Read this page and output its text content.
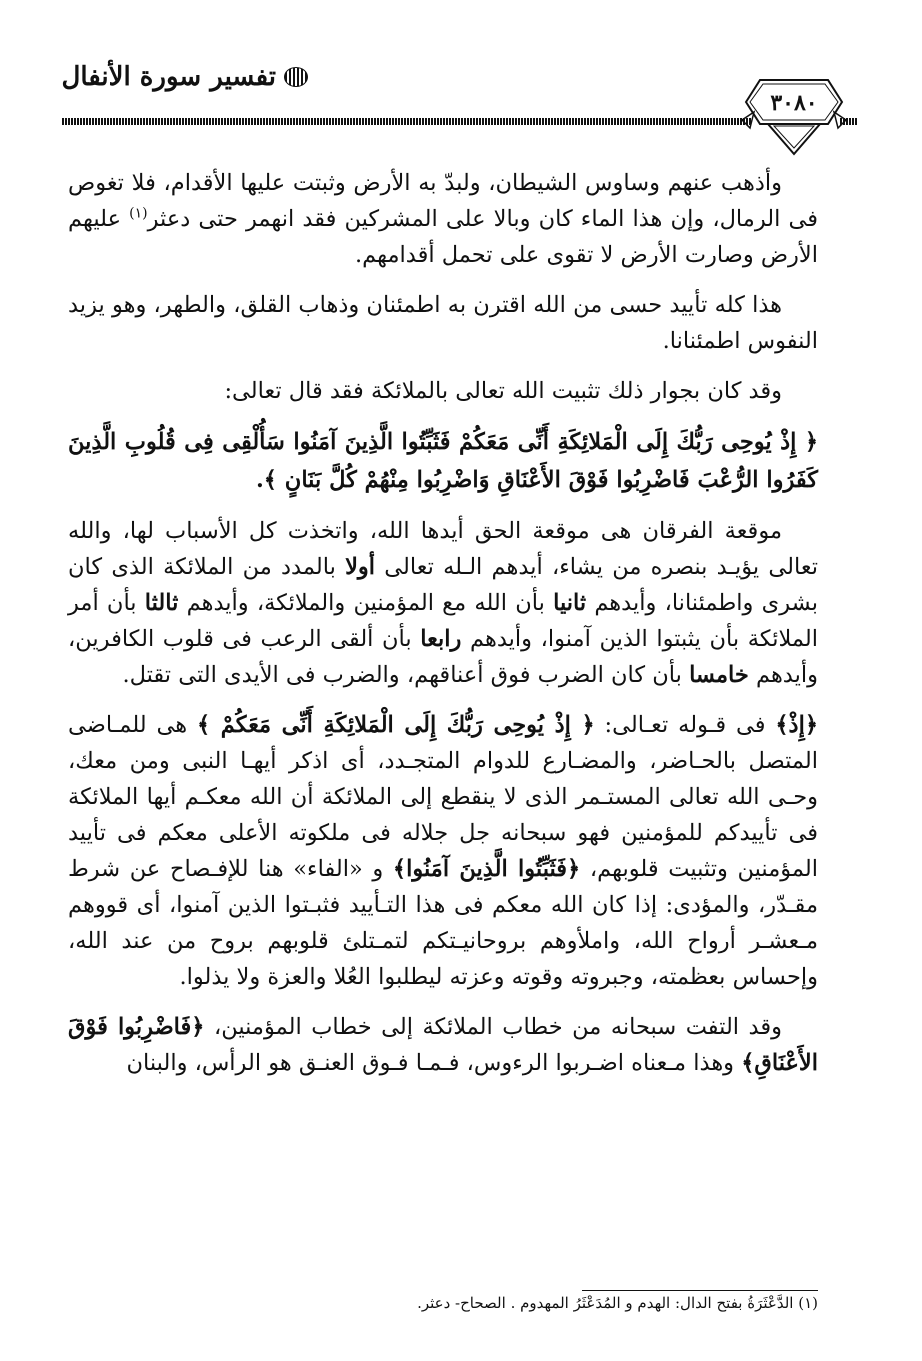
تفسير سورة الأنفال
٣٠٨٠

وأذهب عنهم وساوس الشيطان، ولبدّ به الأرض وثبتت عليها الأقدام، فلا تغوص فى الرمال، وإن هذا الماء كان وبالا على المشركين فقد انهمر حتى دعثر$^{(١)}$ عليهم الأرض وصارت الأرض لا تقوى على تحمل أقدامهم.

هذا كله تأييد حسى من الله اقترن به اطمئنان وذهاب القلق، والطهر، وهو يزيد النفوس اطمئنانا.

وقد كان بجوار ذلك تثبيت الله تعالى بالملائكة فقد قال تعالى:

﴿ إِذْ يُوحِى رَبُّكَ إِلَى الْمَلائِكَةِ أَنِّى مَعَكُمْ فَثَبِّتُوا الَّذِينَ آمَنُوا سَأُلْقِى فِى قُلُوبِ الَّذِينَ كَفَرُوا الرُّعْبَ فَاضْرِبُوا فَوْقَ الأَعْنَاقِ وَاضْرِبُوا مِنْهُمْ كُلَّ بَنَانٍ ﴾.

موقعة الفرقان هى موقعة الحق أيدها الله، واتخذت كل الأسباب لها، والله تعالى يؤيـد بنصره من يشاء، أيدهم الـله تعالى أولا بالمدد من الملائكة الذى كان بشرى واطمئنانا، وأيدهم ثانيا بأن الله مع المؤمنين والملائكة، وأيدهم ثالثا بأن أمر الملائكة بأن يثبتوا الذين آمنوا، وأيدهم رابعا بأن ألقى الرعب فى قلوب الكافرين، وأيدهم خامسا بأن كان الضرب فوق أعناقهم، والضرب فى الأيدى التى تقتل.

﴿إِذْ﴾ فى قـوله تعـالى: ﴿ إِذْ يُوحِى رَبُّكَ إِلَى الْمَلائِكَةِ أَنِّى مَعَكُمْ ﴾ هى للمـاضى المتصل بالحـاضر، والمضـارع للدوام المتجـدد، أى اذكر أيهـا النبى ومن معك، وحـى الله تعالى المستـمر الذى لا ينقطع إلى الملائكة أن الله معكـم أيها الملائكة فى تأييدكم للمؤمنين فهو سبحانه جل جلاله فى ملكوته الأعلى معكم فى تأييد المؤمنين وتثبيت قلوبهم، ﴿فَثَبِّتُوا الَّذِينَ آمَنُوا﴾ و «الفاء» هنا للإفـصاح عن شرط مقـدّر، والمؤدى: إذا كان الله معكم فى هذا التـأييد فثبـتوا الذين آمنوا، أى قووهم مـعشـر أرواح الله، واملأوهم بروحانيـتكم لتمـتلئ قلوبهم بروح من عند الله، وإحساس بعظمته، وجبروته وقوته وعزته ليطلبوا العُلا والعزة ولا يذلوا.

وقد التفت سبحانه من خطاب الملائكة إلى خطاب المؤمنين، ﴿فَاضْرِبُوا فَوْقَ الأَعْنَاقِ﴾ وهذا مـعناه اضـربوا الرءوس، فـمـا فـوق العنـق هو الرأس، والبنان

(١) الدَّعْثَرَةُ بفتح الدال: الهدم و المُدَعْثَرُ المهدوم . الصحاح- دعثر.
